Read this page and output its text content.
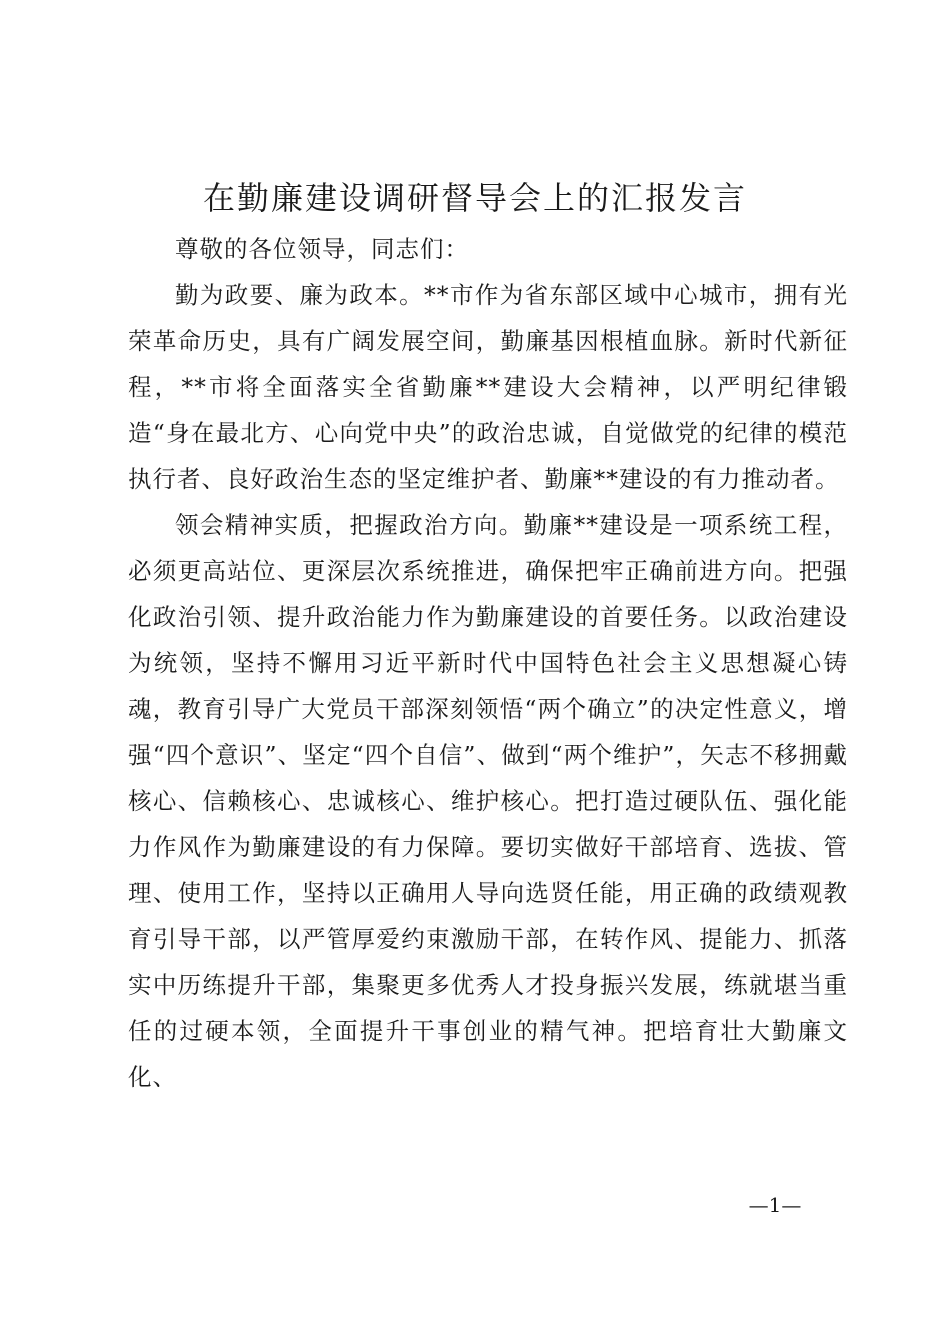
在勤廉建设调研督导会上的汇报发言

尊敬的各位领导，同志们：

勤为政要、廉为政本。**市作为省东部区域中心城市，拥有光荣革命历史，具有广阔发展空间，勤廉基因根植血脉。新时代新征程，**市将全面落实全省勤廉**建设大会精神，以严明纪律锻造“身在最北方、心向党中央”的政治忠诚，自觉做党的纪律的模范执行者、良好政治生态的坚定维护者、勤廉**建设的有力推动者。

领会精神实质，把握政治方向。勤廉**建设是一项系统工程，必须更高站位、更深层次系统推进，确保把牢正确前进方向。把强化政治引领、提升政治能力作为勤廉建设的首要任务。以政治建设为统领，坚持不懈用习近平新时代中国特色社会主义思想凝心铸魂，教育引导广大党员干部深刻领悟“两个确立”的决定性意义，增强“四个意识”、坚定“四个自信”、做到“两个维护”，矢志不移拥戴核心、信赖核心、忠诚核心、维护核心。把打造过硬队伍、强化能力作风作为勤廉建设的有力保障。要切实做好干部培育、选拔、管理、使用工作，坚持以正确用人导向选贤任能，用正确的政绩观教育引导干部，以严管厚爱约束激励干部，在转作风、提能力、抓落实中历练提升干部，集聚更多优秀人才投身振兴发展，练就堪当重任的过硬本领，全面提升干事创业的精气神。把培育壮大勤廉文化、

—1—
